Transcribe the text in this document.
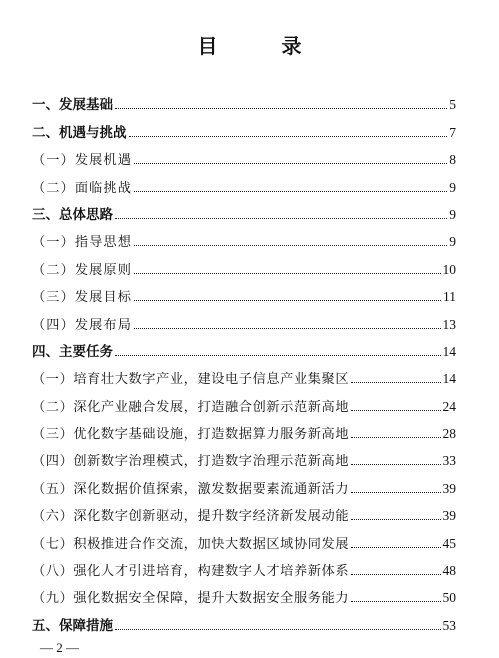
目　录
一、发展基础	5
二、机遇与挑战	7
（一）发展机遇	8
（二）面临挑战	9
三、总体思路	9
（一）指导思想	9
（二）发展原则	10
（三）发展目标	11
（四）发展布局	13
四、主要任务	14
（一）培育壮大数字产业，建设电子信息产业集聚区	14
（二）深化产业融合发展，打造融合创新示范新高地	24
（三）优化数字基础设施，打造数据算力服务新高地	28
（四）创新数字治理模式，打造数字治理示范新高地	33
（五）深化数据价值探索，激发数据要素流通新活力	39
（六）深化数字创新驱动，提升数字经济新发展动能	39
（七）积极推进合作交流，加快大数据区域协同发展	45
（八）强化人才引进培育，构建数字人才培养新体系	48
（九）强化数据安全保障，提升大数据安全服务能力	50
五、保障措施	53
— 2 —
